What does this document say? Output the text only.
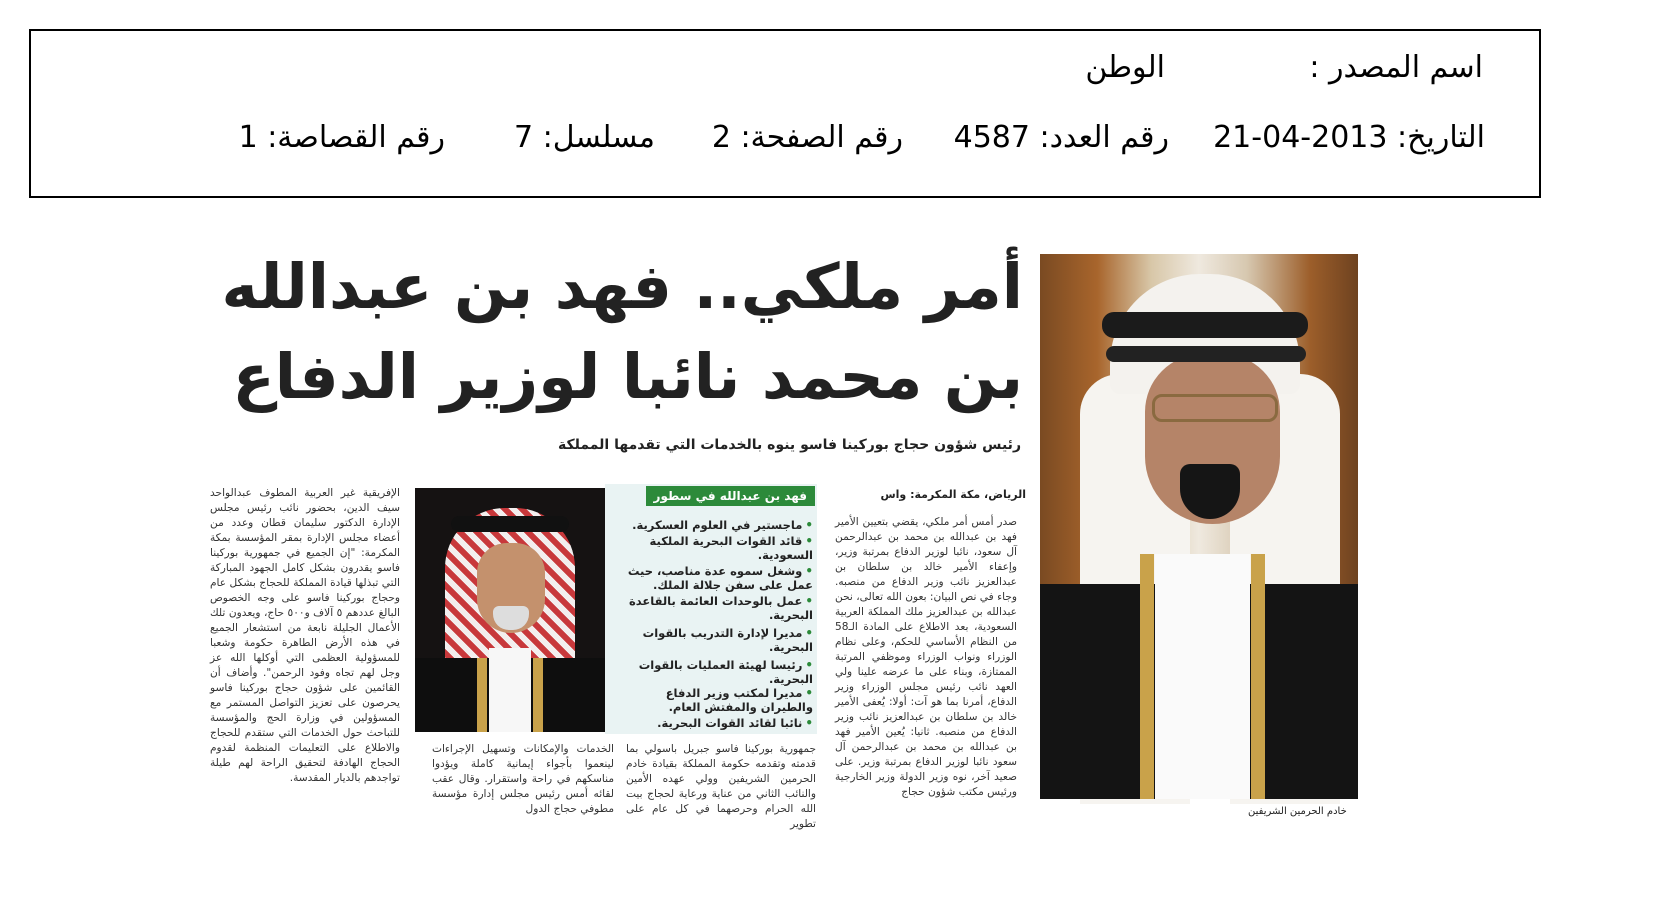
اسم المصدر :
الوطن
التاريخ: 2013-04-21
رقم العدد: 4587
رقم الصفحة: 2
مسلسل: 7
رقم القصاصة: 1
أمر ملكي.. فهد بن عبدالله
بن محمد نائبا لوزير الدفاع
رئيس شؤون حجاج بوركينا فاسو ينوه بالخدمات التي تقدمها المملكة
خادم الحرمين الشريفين
الرياض، مكة المكرمة: واس
صدر أمس أمر ملكي، يقضي بتعيين الأمير فهد بن عبدالله بن محمد بن عبدالرحمن آل سعود، نائبا لوزير الدفاع بمرتبة وزير، وإعفاء الأمير خالد بن سلطان بن عبدالعزيز نائب وزير الدفاع من منصبه. وجاء في نص البيان: بعون الله تعالى، نحن عبدالله بن عبدالعزيز ملك المملكة العربية السعودية، بعد الاطلاع على المادة الـ58 من النظام الأساسي للحكم، وعلى نظام الوزراء ونواب الوزراء وموظفي المرتبة الممتازة، وبناء على ما عرضه علينا ولي العهد نائب رئيس مجلس الوزراء وزير الدفاع، أمرنا بما هو آت: أولا: يُعفى الأمير خالد بن سلطان بن عبدالعزيز نائب وزير الدفاع من منصبه. ثانيا: يُعين الأمير فهد بن عبدالله بن محمد بن عبدالرحمن آل سعود نائبا لوزير الدفاع بمرتبة وزير. على صعيد آخر، نوه وزير الدولة وزير الخارجية ورئيس مكتب شؤون حجاج
فهد بن عبدالله في سطور
•ماجستير في العلوم العسكرية.
•قائد القوات البحرية الملكية السعودية.
•وشغل سموه عدة مناصب، حيث عمل على سفن جلالة الملك.
•عمل بالوحدات العائمة بالقاعدة البحرية.
•مديرا لإدارة التدريب بالقوات البحرية.
•رئيسا لهيئة العمليات بالقوات البحرية.
•مديرا لمكتب وزير الدفاع والطيران والمفتش العام.
•نائبا لقائد القوات البحرية.
جمهورية بوركينا فاسو جبريل باسولي بما قدمته وتقدمه حكومة المملكة بقيادة خادم الحرمين الشريفين وولي عهده الأمين والنائب الثاني من عناية ورعاية لحجاج بيت الله الحرام وحرصهما في كل عام على تطوير
الخدمات والإمكانات وتسهيل الإجراءات لينعموا بأجواء إيمانية كاملة ويؤدوا مناسكهم في راحة واستقرار. وقال عقب لقائه أمس رئيس مجلس إدارة مؤسسة مطوفي حجاج الدول
الإفريقية غير العربية المطوف عبدالواحد سيف الدين، بحضور نائب رئيس مجلس الإدارة الدكتور سليمان قطان وعدد من أعضاء مجلس الإدارة بمقر المؤسسة بمكة المكرمة: "إن الجميع في جمهورية بوركينا فاسو يقدرون بشكل كامل الجهود المباركة التي تبذلها قيادة المملكة للحجاج بشكل عام وحجاج بوركينا فاسو على وجه الخصوص البالغ عددهم ٥ آلاف و٥٠٠ حاج، ويعدون تلك الأعمال الجليلة نابعة من استشعار الجميع في هذه الأرض الطاهرة حكومة وشعبا للمسؤولية العظمى التي أوكلها الله عز وجل لهم تجاه وفود الرحمن". وأضاف أن القائمين على شؤون حجاج بوركينا فاسو يحرصون على تعزيز التواصل المستمر مع المسؤولين في وزارة الحج والمؤسسة للتباحث حول الخدمات التي ستقدم للحجاج والاطلاع على التعليمات المنظمة لقدوم الحجاج الهادفة لتحقيق الراحة لهم طيلة تواجدهم بالديار المقدسة.
